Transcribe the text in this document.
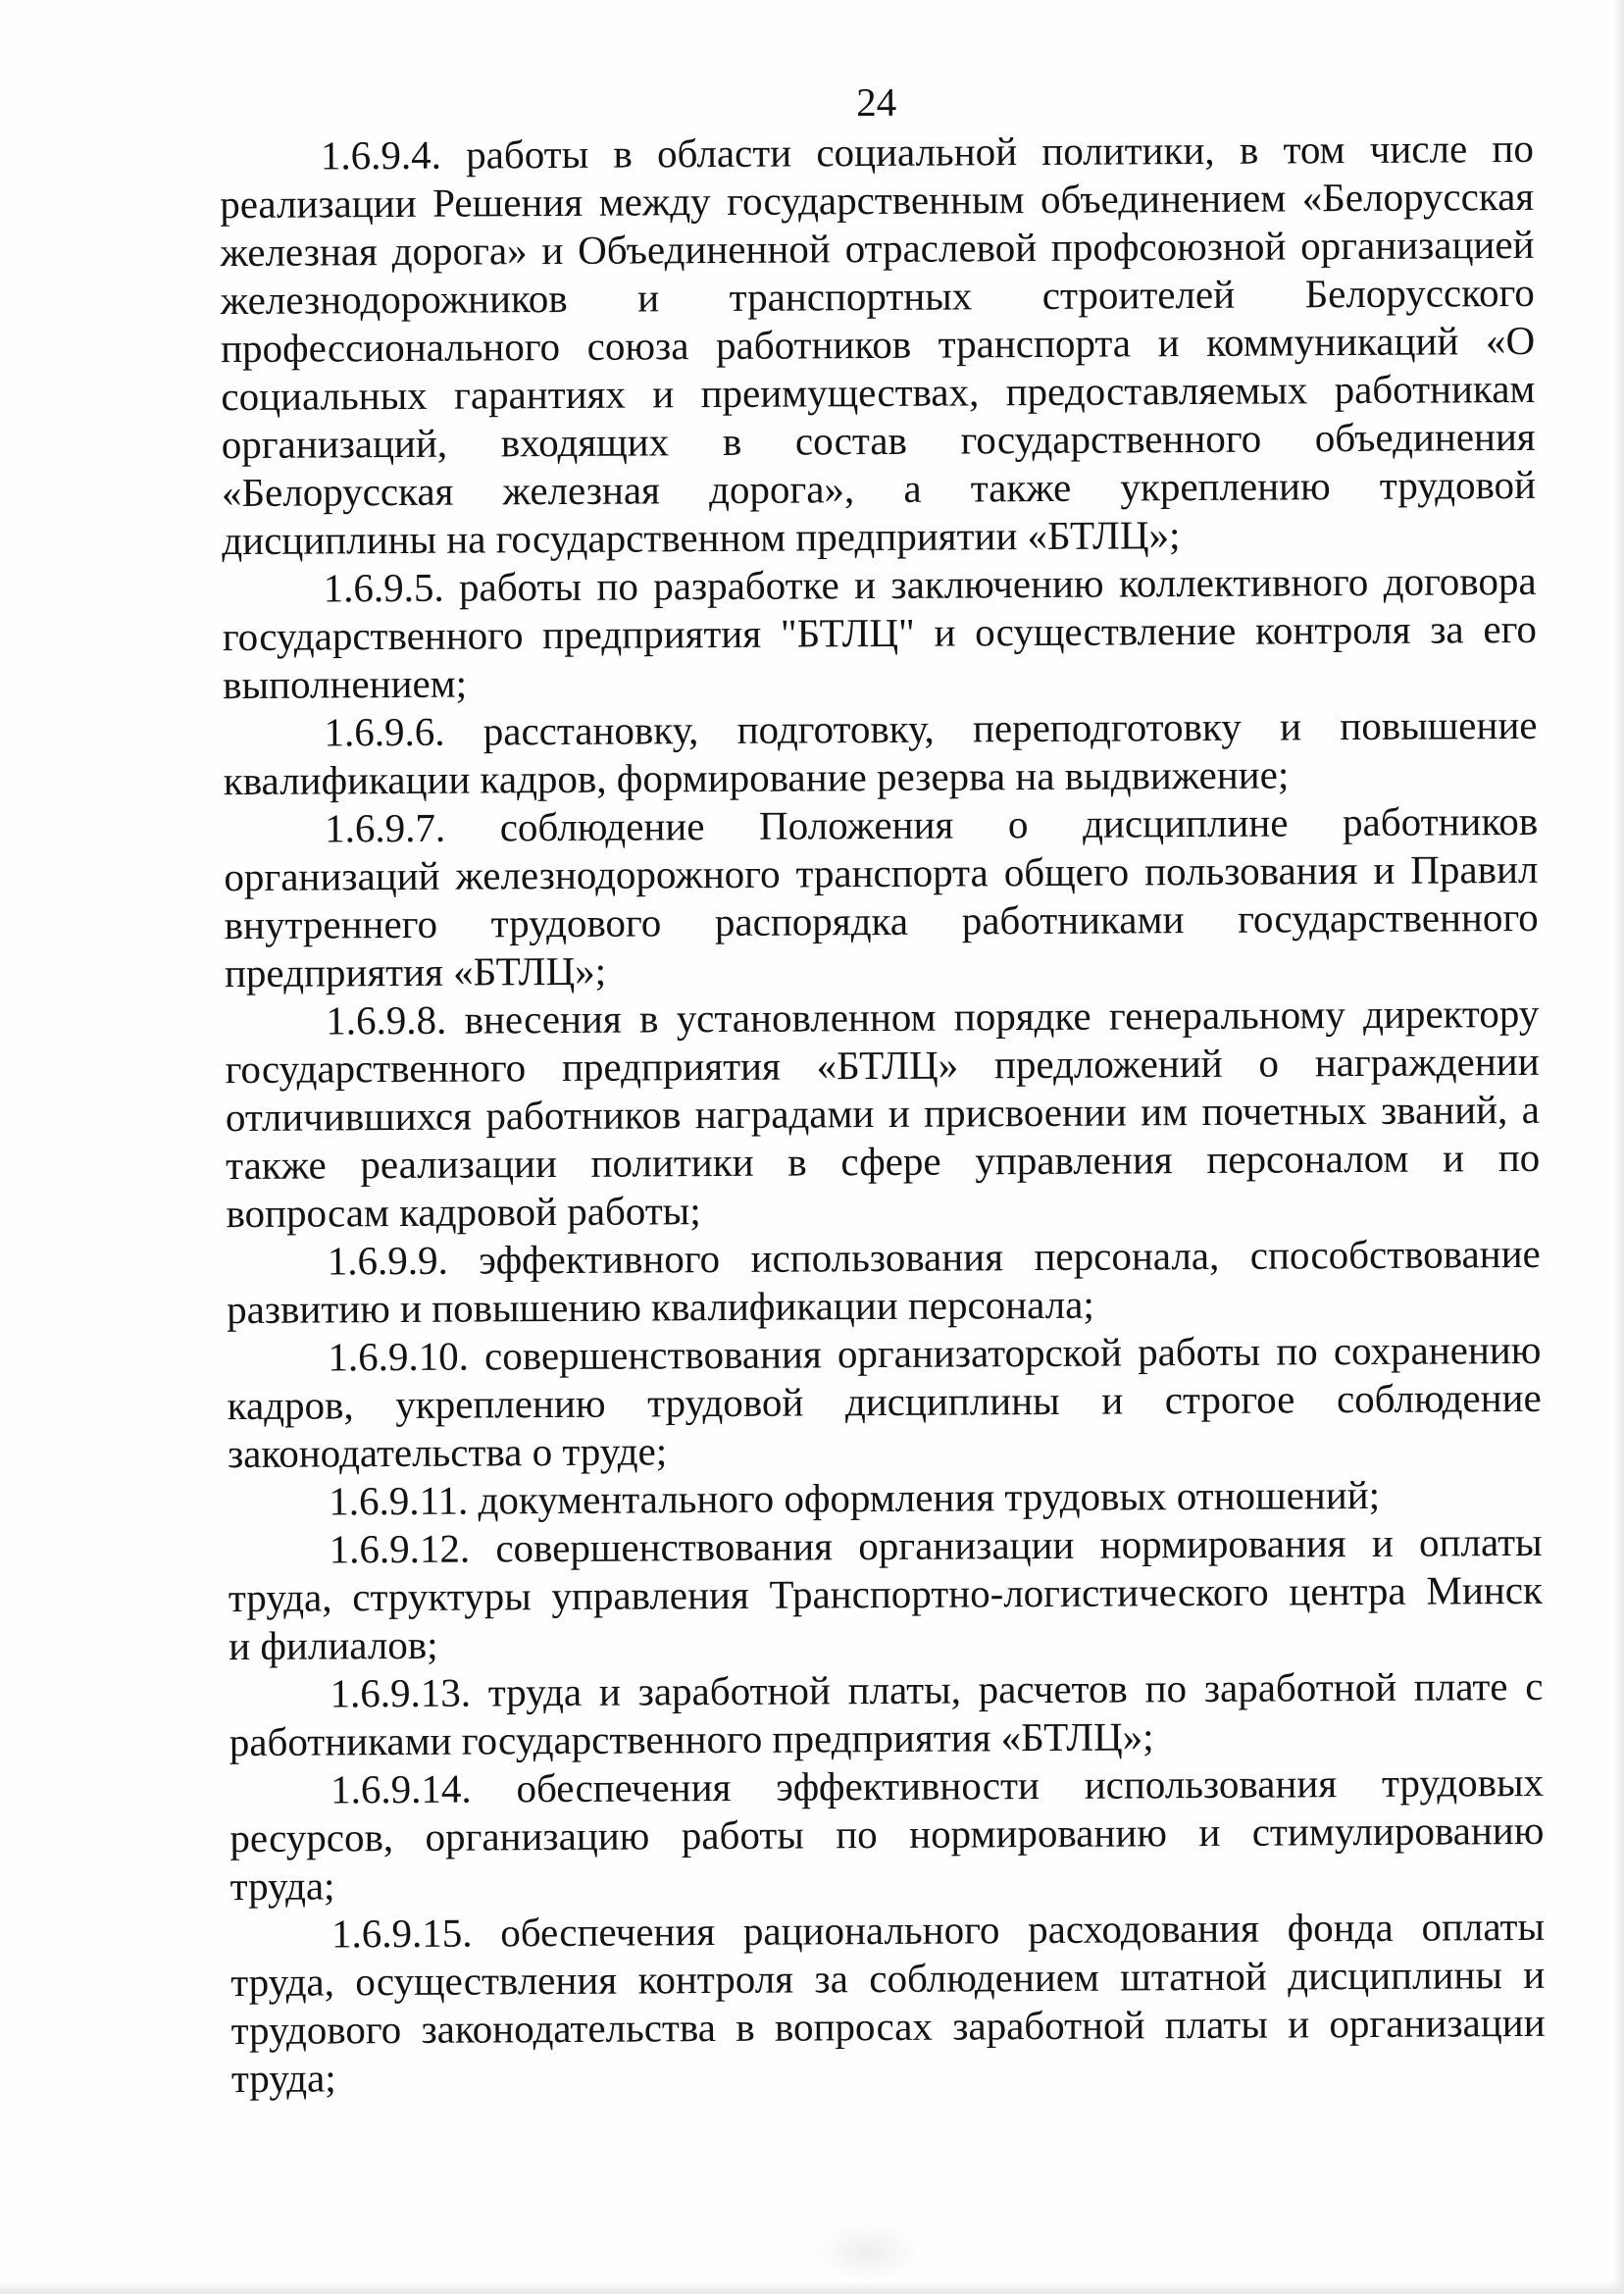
24
1.6.9.4. работы в области социальной политики, в том числе по
реализации Решения между государственным объединением «Белорусская
железная дорога» и Объединенной отраслевой профсоюзной организацией
железнодорожников и транспортных строителей Белорусского
профессионального союза работников транспорта и коммуникаций «О
социальных гарантиях и преимуществах, предоставляемых работникам
организаций, входящих в состав государственного объединения
«Белорусская железная дорога», а также укреплению трудовой
дисциплины на государственном предприятии «БТЛЦ»;
1.6.9.5. работы по разработке и заключению коллективного договора
государственного предприятия "БТЛЦ" и осуществление контроля за его
выполнением;
1.6.9.6. расстановку, подготовку, переподготовку и повышение
квалификации кадров, формирование резерва на выдвижение;
1.6.9.7. соблюдение Положения о дисциплине работников
организаций железнодорожного транспорта общего пользования и Правил
внутреннего трудового распорядка работниками государственного
предприятия «БТЛЦ»;
1.6.9.8. внесения в установленном порядке генеральному директору
государственного предприятия «БТЛЦ» предложений о награждении
отличившихся работников наградами и присвоении им почетных званий, а
также реализации политики в сфере управления персоналом и по
вопросам кадровой работы;
1.6.9.9. эффективного использования персонала, способствование
развитию и повышению квалификации персонала;
1.6.9.10. совершенствования организаторской работы по сохранению
кадров, укреплению трудовой дисциплины и строгое соблюдение
законодательства о труде;
1.6.9.11. документального оформления трудовых отношений;
1.6.9.12. совершенствования организации нормирования и оплаты
труда, структуры управления Транспортно-логистического центра Минск
и филиалов;
1.6.9.13. труда и заработной платы, расчетов по заработной плате с
работниками государственного предприятия «БТЛЦ»;
1.6.9.14. обеспечения эффективности использования трудовых
ресурсов, организацию работы по нормированию и стимулированию
труда;
1.6.9.15. обеспечения рационального расходования фонда оплаты
труда, осуществления контроля за соблюдением штатной дисциплины и
трудового законодательства в вопросах заработной платы и организации
труда;
